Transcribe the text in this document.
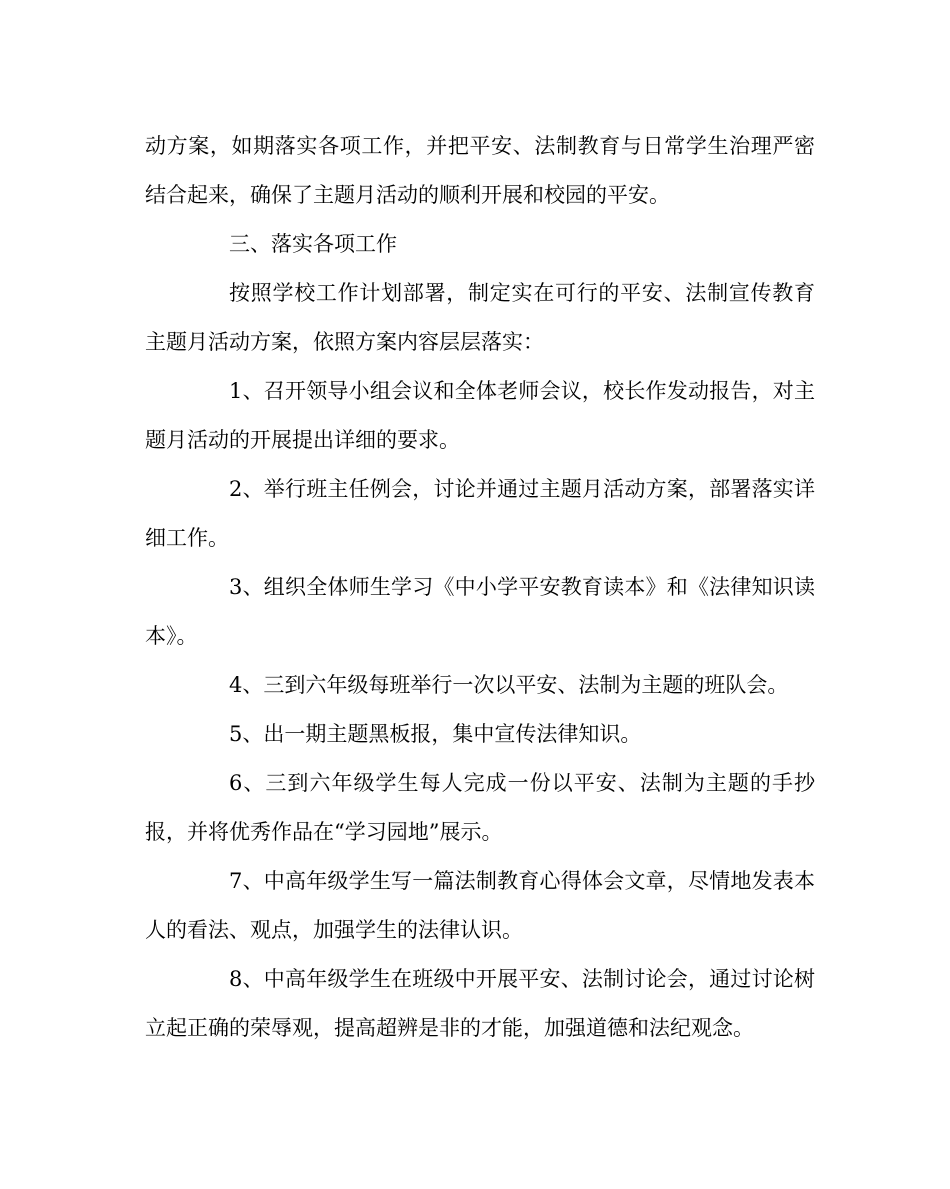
动方案，如期落实各项工作，并把平安、法制教育与日常学生治理严密结合起来，确保了主题月活动的顺利开展和校园的平安。

三、落实各项工作

按照学校工作计划部署，制定实在可行的平安、法制宣传教育主题月活动方案，依照方案内容层层落实：

1、召开领导小组会议和全体老师会议，校长作发动报告，对主题月活动的开展提出详细的要求。

2、举行班主任例会，讨论并通过主题月活动方案，部署落实详细工作。

3、组织全体师生学习《中小学平安教育读本》和《法律知识读本》。

4、三到六年级每班举行一次以平安、法制为主题的班队会。

5、出一期主题黑板报，集中宣传法律知识。

6、三到六年级学生每人完成一份以平安、法制为主题的手抄报，并将优秀作品在“学习园地”展示。

7、中高年级学生写一篇法制教育心得体会文章，尽情地发表本人的看法、观点，加强学生的法律认识。

8、中高年级学生在班级中开展平安、法制讨论会，通过讨论树立起正确的荣辱观，提高超辨是非的才能，加强道德和法纪观念。
